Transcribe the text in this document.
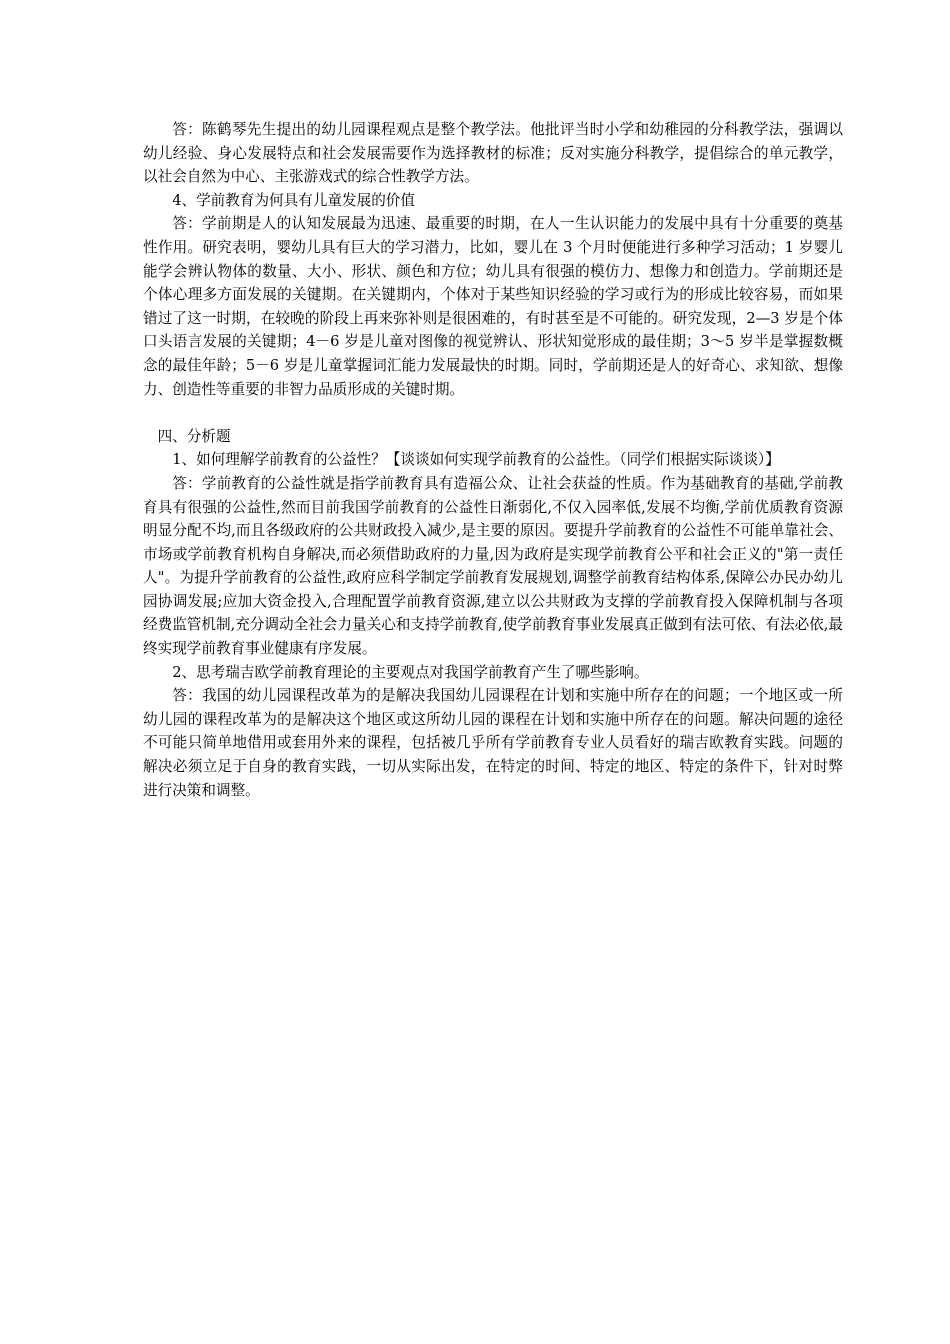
答：陈鹤琴先生提出的幼儿园课程观点是整个教学法。他批评当时小学和幼稚园的分科教学法，强调以幼儿经验、身心发展特点和社会发展需要作为选择教材的标准；反对实施分科教学，提倡综合的单元教学，以社会自然为中心、主张游戏式的综合性教学方法。

4、学前教育为何具有儿童发展的价值

答：学前期是人的认知发展最为迅速、最重要的时期，在人一生认识能力的发展中具有十分重要的奠基性作用。研究表明，婴幼儿具有巨大的学习潜力，比如，婴儿在 3 个月时便能进行多种学习活动；1 岁婴儿能学会辨认物体的数量、大小、形状、颜色和方位；幼儿具有很强的模仿力、想像力和创造力。学前期还是个体心理多方面发展的关键期。在关键期内，个体对于某些知识经验的学习或行为的形成比较容易，而如果错过了这一时期，在较晚的阶段上再来弥补则是很困难的，有时甚至是不可能的。研究发现，2—3 岁是个体口头语言发展的关键期；4－6 岁是儿童对图像的视觉辨认、形状知觉形成的最佳期；3～5 岁半是掌握数概念的最佳年龄；5－6 岁是儿童掌握词汇能力发展最快的时期。同时，学前期还是人的好奇心、求知欲、想像力、创造性等重要的非智力品质形成的关键时期。

四、分析题

1、如何理解学前教育的公益性？【谈谈如何实现学前教育的公益性。（同学们根据实际谈谈）】

答：学前教育的公益性就是指学前教育具有造福公众、让社会获益的性质。作为基础教育的基础,学前教育具有很强的公益性,然而目前我国学前教育的公益性日渐弱化,不仅入园率低,发展不均衡,学前优质教育资源明显分配不均,而且各级政府的公共财政投入减少,是主要的原因。要提升学前教育的公益性不可能单靠社会、市场或学前教育机构自身解决,而必须借助政府的力量,因为政府是实现学前教育公平和社会正义的"第一责任人"。为提升学前教育的公益性,政府应科学制定学前教育发展规划,调整学前教育结构体系,保障公办民办幼儿园协调发展;应加大资金投入,合理配置学前教育资源,建立以公共财政为支撑的学前教育投入保障机制与各项经费监管机制,充分调动全社会力量关心和支持学前教育,使学前教育事业发展真正做到有法可依、有法必依,最终实现学前教育事业健康有序发展。

2、思考瑞吉欧学前教育理论的主要观点对我国学前教育产生了哪些影响。

答：我国的幼儿园课程改革为的是解决我国幼儿园课程在计划和实施中所存在的问题；一个地区或一所幼儿园的课程改革为的是解决这个地区或这所幼儿园的课程在计划和实施中所存在的问题。解决问题的途径不可能只简单地借用或套用外来的课程，包括被几乎所有学前教育专业人员看好的瑞吉欧教育实践。问题的解决必须立足于自身的教育实践，一切从实际出发，在特定的时间、特定的地区、特定的条件下，针对时弊进行决策和调整。
